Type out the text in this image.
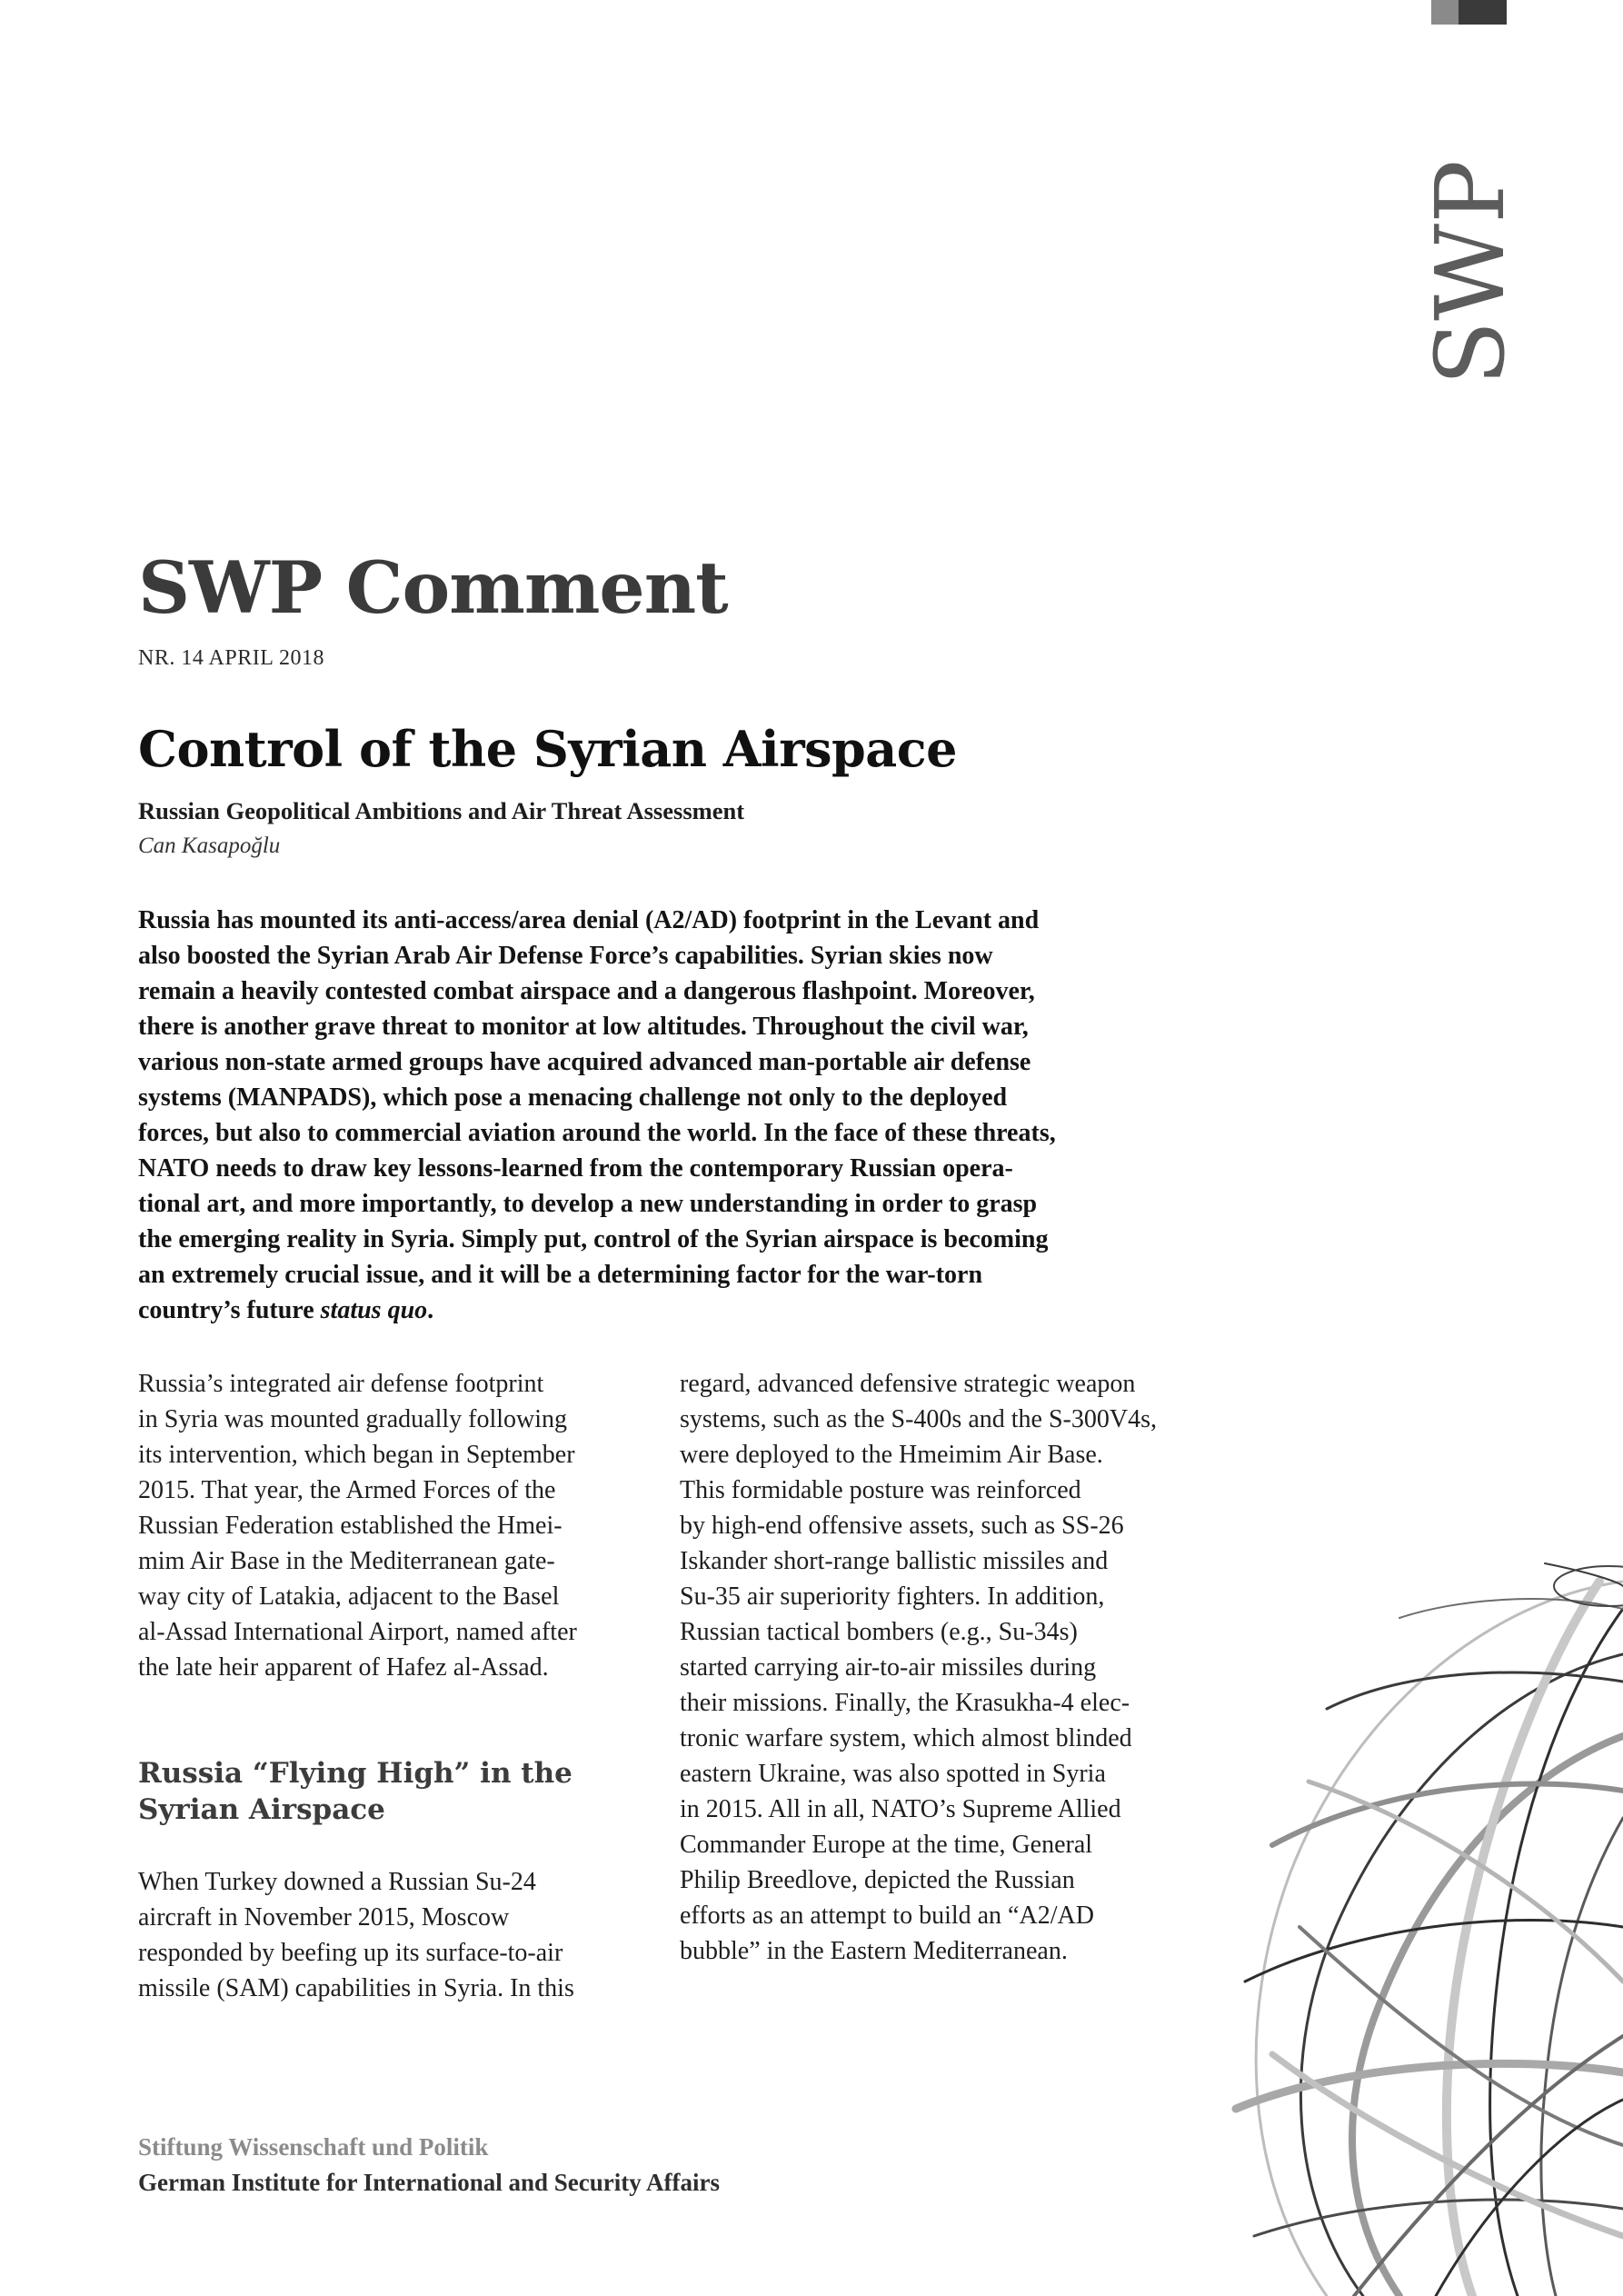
SWP
SWP Comment
NR. 14 APRIL 2018
Control of the Syrian Airspace
Russian Geopolitical Ambitions and Air Threat Assessment
Can Kasapoğlu
Russia has mounted its anti-access/area denial (A2/AD) footprint in the Levant and
also boosted the Syrian Arab Air Defense Force’s capabilities. Syrian skies now
remain a heavily contested combat airspace and a dangerous flashpoint. Moreover,
there is another grave threat to monitor at low altitudes. Throughout the civil war,
various non-state armed groups have acquired advanced man-portable air defense
systems (MANPADS), which pose a menacing challenge not only to the deployed
forces, but also to commercial aviation around the world. In the face of these threats,
NATO needs to draw key lessons-learned from the contemporary Russian opera-
tional art, and more importantly, to develop a new understanding in order to grasp
the emerging reality in Syria. Simply put, control of the Syrian airspace is becoming
an extremely crucial issue, and it will be a determining factor for the war-torn
country’s future status quo.
Russia’s integrated air defense footprint
in Syria was mounted gradually following
its intervention, which began in September
2015. That year, the Armed Forces of the
Russian Federation established the Hmei-
mim Air Base in the Mediterranean gate-
way city of Latakia, adjacent to the Basel
al-Assad International Airport, named after
the late heir apparent of Hafez al-Assad.
Russia “Flying High” in the
Syrian Airspace
When Turkey downed a Russian Su-24
aircraft in November 2015, Moscow
responded by beefing up its surface-to-air
missile (SAM) capabilities in Syria. In this
regard, advanced defensive strategic weapon
systems, such as the S-400s and the S-300V4s,
were deployed to the Hmeimim Air Base.
This formidable posture was reinforced
by high-end offensive assets, such as SS-26
Iskander short-range ballistic missiles and
Su-35 air superiority fighters. In addition,
Russian tactical bombers (e.g., Su-34s)
started carrying air-to-air missiles during
their missions. Finally, the Krasukha-4 elec-
tronic warfare system, which almost blinded
eastern Ukraine, was also spotted in Syria
in 2015. All in all, NATO’s Supreme Allied
Commander Europe at the time, General
Philip Breedlove, depicted the Russian
efforts as an attempt to build an “A2/AD
bubble” in the Eastern Mediterranean.
Stiftung Wissenschaft und Politik
German Institute for International and Security Affairs
